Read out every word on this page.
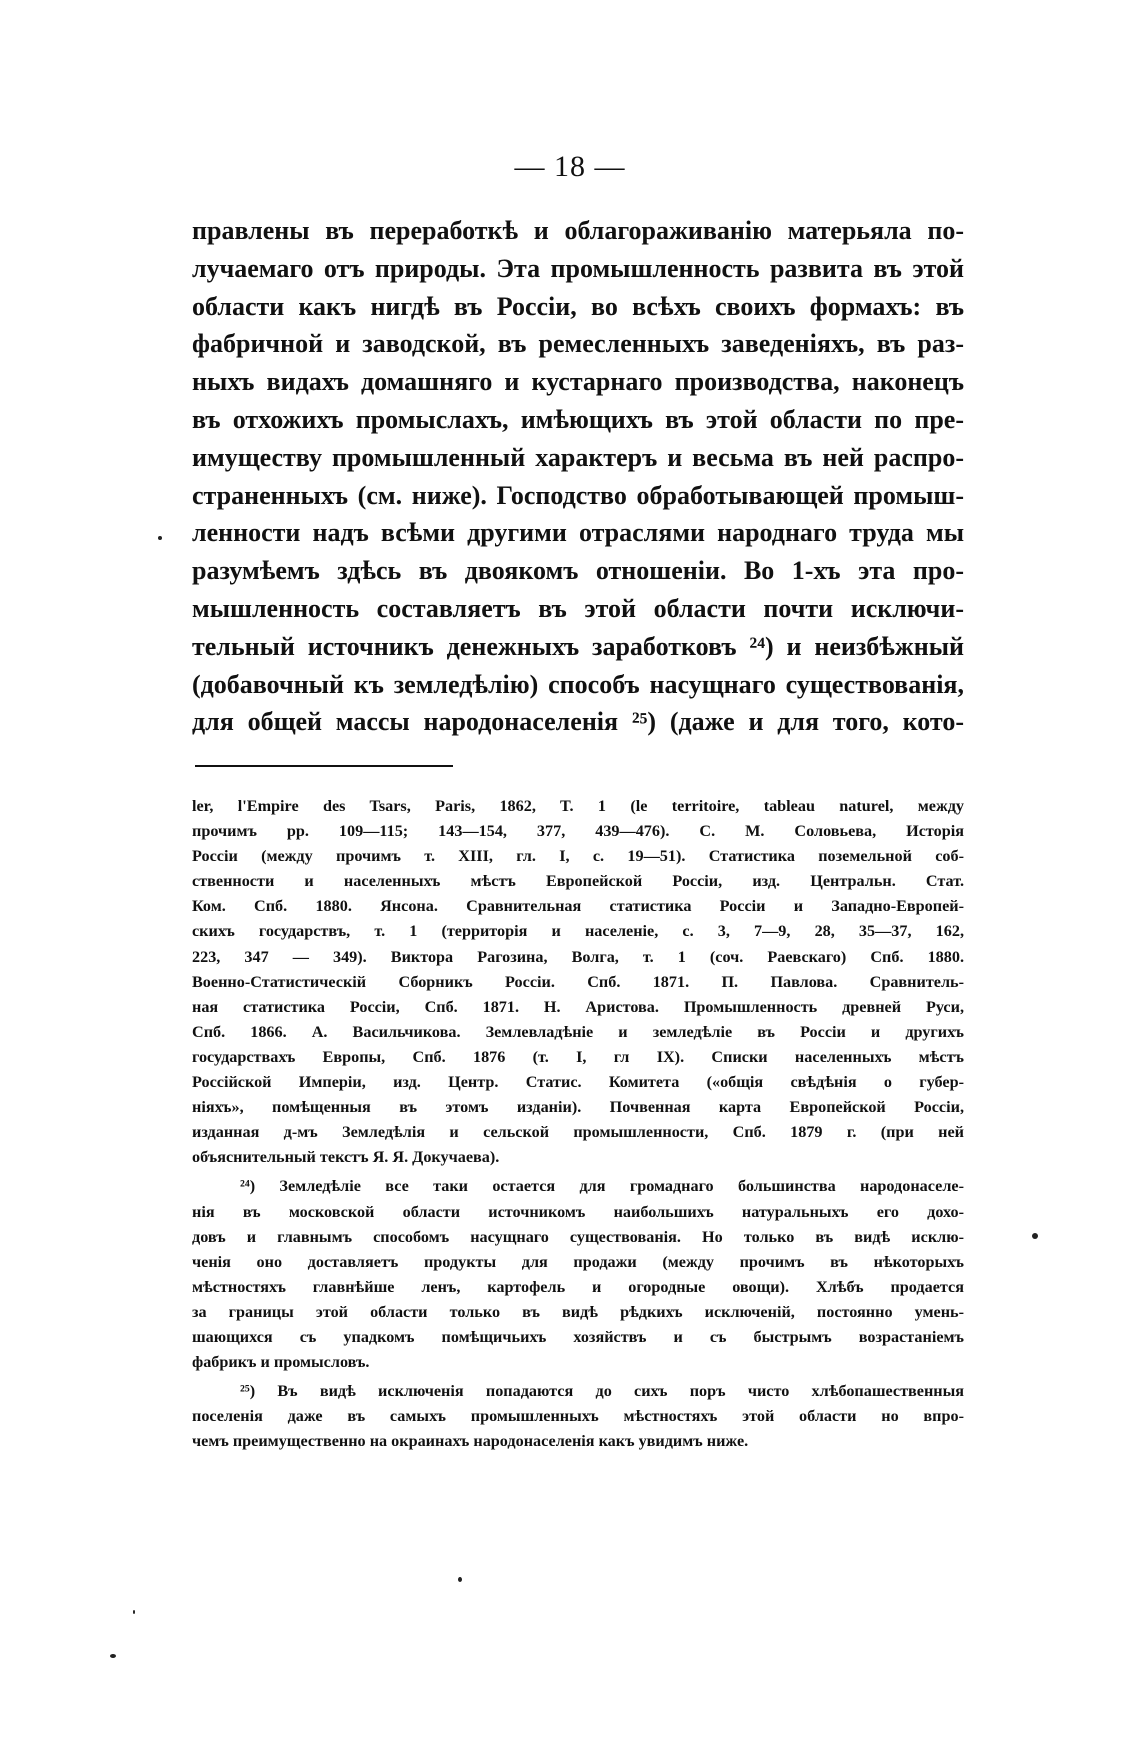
— 18 —
правлены въ переработкѣ и облагораживанію матерьяла по-
лучаемаго отъ природы. Эта промышленность развита въ этой
области какъ нигдѣ въ Россіи, во всѣхъ своихъ формахъ: въ
фабричной и заводской, въ ремесленныхъ заведеніяхъ, въ раз-
ныхъ видахъ домашняго и кустарнаго производства, наконецъ
въ отхожихъ промыслахъ, имѣющихъ въ этой области по пре-
имуществу промышленный характеръ и весьма въ ней распро-
страненныхъ (см. ниже). Господство обработывающей промыш-
ленности надъ всѣми другими отраслями народнаго труда мы
разумѣемъ здѣсь въ двоякомъ отношеніи. Во 1-хъ эта про-
мышленность составляетъ въ этой области почти исключи-
тельный источникъ денежныхъ заработковъ ²⁴) и неизбѣжный
(добавочный къ земледѣлію) способъ насущнаго существованія,
для общей массы народонаселенія ²⁵) (даже и для того, кото-
ler, l'Empire des Tsars, Paris, 1862, T. 1 (le territoire, tableau naturel, между
прочимъ pp. 109—115; 143—154, 377, 439—476). С. М. Соловьева, Исторія
Россіи (между прочимъ т. XIII, гл. I, с. 19—51). Статистика поземельной соб-
ственности и населенныхъ мѣстъ Европейской Россіи, изд. Центральн. Стат.
Ком. Спб. 1880. Янсона. Сравнительная статистика Россіи и Западно-Европей-
скихъ государствъ, т. 1 (территорія и населеніе, с. 3, 7—9, 28, 35—37, 162,
223, 347 — 349). Виктора Рагозина, Волга, т. 1 (соч. Раевскаго) Спб. 1880.
Военно-Статистическій Сборникъ Россіи. Спб. 1871. П. Павлова. Сравнитель-
ная статистика Россіи, Спб. 1871. Н. Аристова. Промышленность древней Руси,
Спб. 1866. А. Васильчикова. Землевладѣніе и земледѣліе въ Россіи и другихъ
государствахъ Европы, Спб. 1876 (т. I, гл IX). Списки населенныхъ мѣстъ
Россійской Имперіи, изд. Центр. Статис. Комитета («общія свѣдѣнія о губер-
ніяхъ», помѣщенныя въ этомъ изданіи). Почвенная карта Европейской Россіи,
изданная д-мъ Земледѣлія и сельской промышленности, Спб. 1879 г. (при ней
объяснительный текстъ Я. Я. Докучаева).
²⁴) Земледѣліе все таки остается для громаднаго большинства народонаселе-
нія въ московской области источникомъ наибольшихъ натуральныхъ его дохо-
довъ и главнымъ способомъ насущнаго существованія. Но только въ видѣ исклю-
ченія оно доставляетъ продукты для продажи (между прочимъ въ нѣкоторыхъ
мѣстностяхъ главнѣйше ленъ, картофель и огородные овощи). Хлѣбъ продается
за границы этой области только въ видѣ рѣдкихъ исключеній, постоянно умень-
шающихся съ упадкомъ помѣщичьихъ хозяйствъ и съ быстрымъ возрастаніемъ
фабрикъ и промысловъ.
²⁵) Въ видѣ исключенія попадаются до сихъ поръ чисто хлѣбопашественныя
поселенія даже въ самыхъ промышленныхъ мѣстностяхъ этой области но впро-
чемъ преимущественно на окраинахъ народонаселенія какъ увидимъ ниже.
